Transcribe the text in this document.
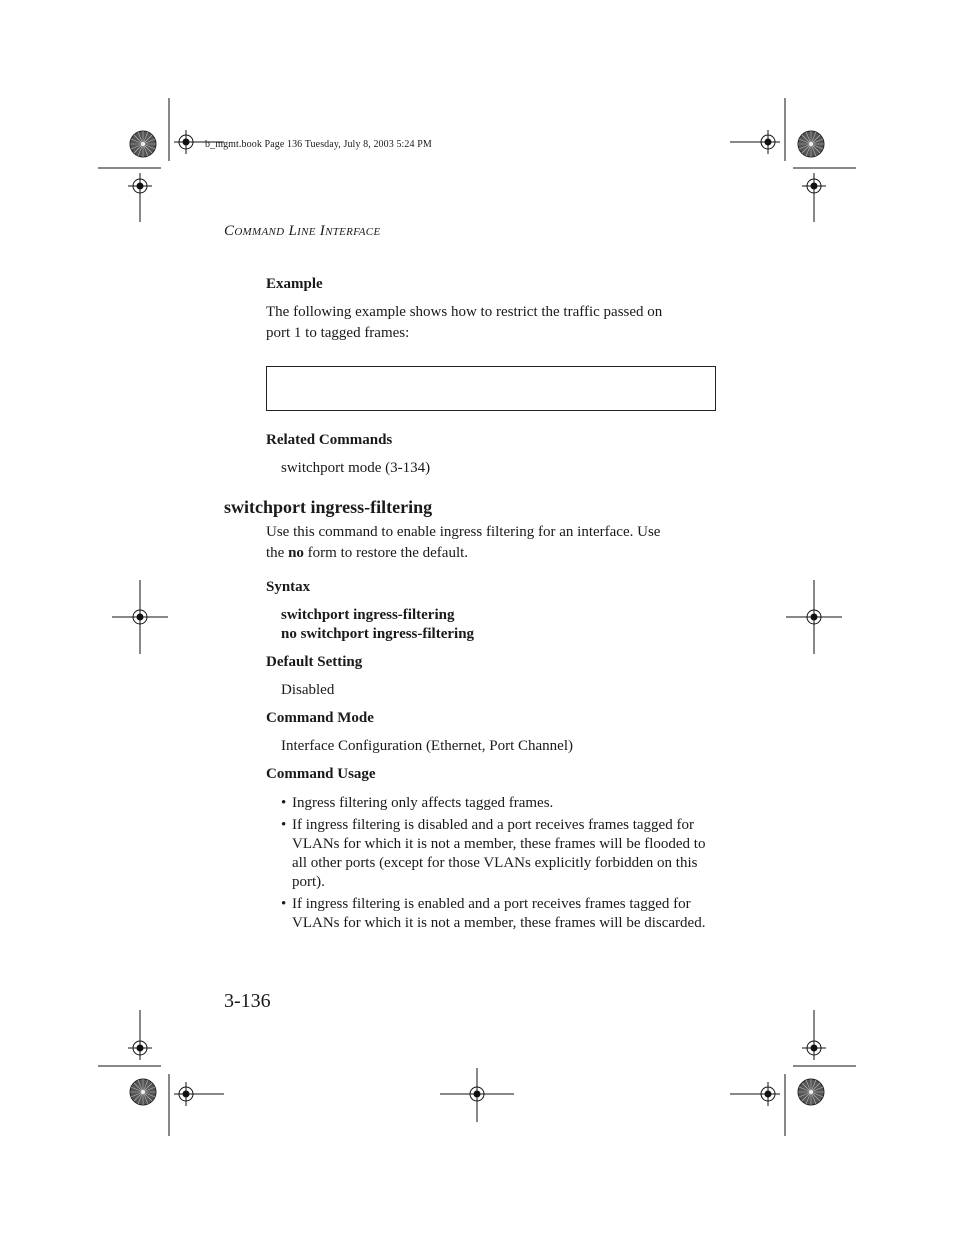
b_mgmt.book Page 136 Tuesday, July 8, 2003 5:24 PM
COMMAND LINE INTERFACE
Example
The following example shows how to restrict the traffic passed on
port 1 to tagged frames:
Related Commands
switchport mode (3-134)
switchport ingress-filtering
Use this command to enable ingress filtering for an interface. Use
the no form to restore the default.
Syntax
switchport ingress-filtering
no switchport ingress-filtering
Default Setting
Disabled
Command Mode
Interface Configuration (Ethernet, Port Channel)
Command Usage
• Ingress filtering only affects tagged frames.
• If ingress filtering is disabled and a port receives frames tagged for VLANs for which it is not a member, these frames will be flooded to all other ports (except for those VLANs explicitly forbidden on this port).
• If ingress filtering is enabled and a port receives frames tagged for VLANs for which it is not a member, these frames will be discarded.
3-136
